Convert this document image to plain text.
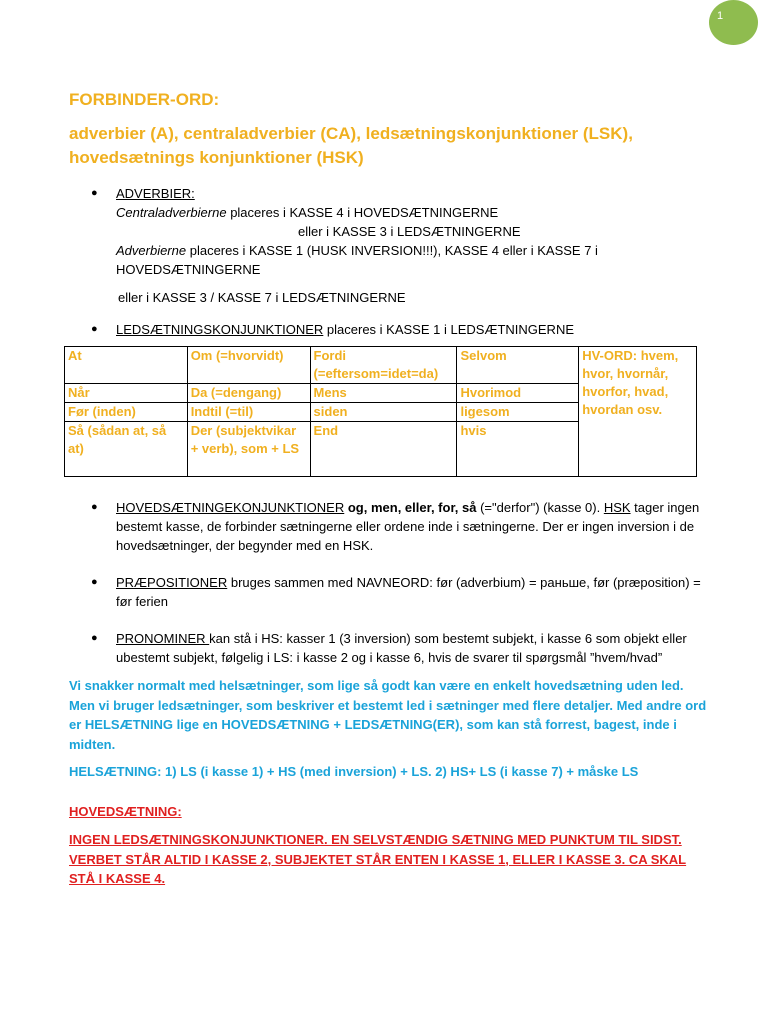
1
FORBINDER-ORD:
adverbier (A), centraladverbier (CA), ledsætningskonjunktioner (LSK), hovedsætnings konjunktioner (HSK)
● ADVERBIER:
Centraladverbierne placeres i KASSE 4 i HOVEDSÆTNINGERNE
eller i KASSE 3 i LEDSÆTNINGERNE
Adverbierne placeres i KASSE 1 (HUSK INVERSION!!!), KASSE 4 eller i KASSE 7 i HOVEDSÆTNINGERNE
eller i KASSE 3 / KASSE 7 i LEDSÆTNINGERNE
● LEDSÆTNINGSKONJUNKTIONER placeres i KASSE 1 i LEDSÆTNINGERNE
At	Om (=hvorvidt)	Fordi (=eftersom=idet=da)	Selvom	HV-ORD: hvem, hvor, hvornår, hvorfor, hvad, hvordan osv.
Når	Da (=dengang)	Mens	Hvorimod	
Før (inden)	Indtil (=til)	siden	ligesom	
Så (sådan at, så at)	Der (subjektvikar + verb), som + LS	End	hvis	
● HOVEDSÆTNINGEKONJUNKTIONER og, men, eller, for, så (="derfor") (kasse 0). HSK tager ingen bestemt kasse, de forbinder sætningerne eller ordene inde i sætningerne. Der er ingen inversion i de hovedsætninger, der begynder med en HSK.
● PRÆPOSITIONER bruges sammen med NAVNEORD: før (adverbium) = раньше, før (præposition) = før ferien
● PRONOMINER kan stå i HS: kasser 1 (3 inversion) som bestemt subjekt, i kasse 6 som objekt eller ubestemt subjekt, følgelig i LS: i kasse 2 og i kasse 6, hvis de svarer til spørgsmål ”hvem/hvad”
Vi snakker normalt med helsætninger, som lige så godt kan være en enkelt hovedsætning uden led. Men vi bruger ledsætninger, som beskriver et bestemt led i sætninger med flere detaljer. Med andre ord er HELSÆTNING lige en HOVEDSÆTNING + LEDSÆTNING(ER), som kan stå forrest, bagest, inde i midten.
HELSÆTNING: 1) LS (i kasse 1) + HS (med inversion) + LS. 2) HS+ LS (i kasse 7) + måske LS
HOVEDSÆTNING:
INGEN LEDSÆTNINGSKONJUNKTIONER. EN SELVSTÆNDIG SÆTNING MED PUNKTUM TIL SIDST. VERBET STÅR ALTID I KASSE 2, SUBJEKTET STÅR ENTEN I KASSE 1, ELLER I KASSE 3. CA SKAL STÅ I KASSE 4.
